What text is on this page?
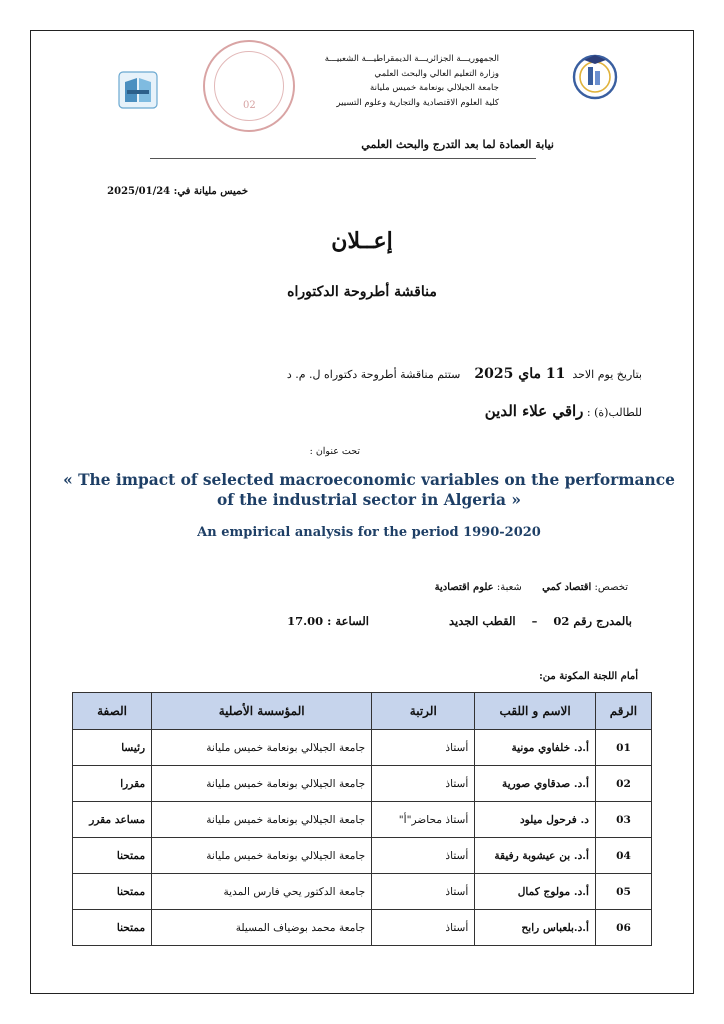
02
الجمهوريـــة الجزائريـــة الديمقراطيـــة الشعبيـــة
وزارة التعليم العالي والبحث العلمي
جامعة الجيلالي بونعامة خميس مليانة
كلية العلوم الاقتصادية والتجارية وعلوم التسيير
نيابة العمادة لما بعد التدرج والبحث العلمي
خميس مليانة في: 2025/01/24
إعــلان
مناقشة أطروحة الدكتوراه
بتاريخ يوم الاحد  11 ماي 2025    ستتم مناقشة أطروحة دكتوراه ل. م. د
للطالب(ة) : راقي علاء الدين
تحت عنوان :
« The impact of selected macroeconomic variables on the performance of the industrial sector in Algeria »
An empirical analysis for the period 1990-2020
تخصص: اقتصاد كمي  شعبة: علوم اقتصادية
بالمدرج رقم 02 – القطب الجديد  الساعة : 17.00
أمام اللجنة المكونة من:
الرقم	الاسم و اللقب	الرتبة	المؤسسة الأصلية	الصفة
01	أ.د. خلفاوي مونية	أستاذ	جامعة الجيلالي بونعامة خميس مليانة	رئيسا
02	أ.د. صدقاوي صورية	أستاذ	جامعة الجيلالي بونعامة خميس مليانة	مقررا
03	د. فرحول ميلود	أستاذ محاضر"أ"	جامعة الجيلالي بونعامة خميس مليانة	مساعد مقرر
04	أ.د. بن عيشوبة رفيقة	أستاذ	جامعة الجيلالي بونعامة خميس مليانة	ممتحنا
05	أ.د. مولوج كمال	أستاذ	جامعة الدكتور يحي فارس المدية	ممتحنا
06	أ.د.بلعباس رابح	أستاذ	جامعة محمد بوضياف المسيلة	ممتحنا
